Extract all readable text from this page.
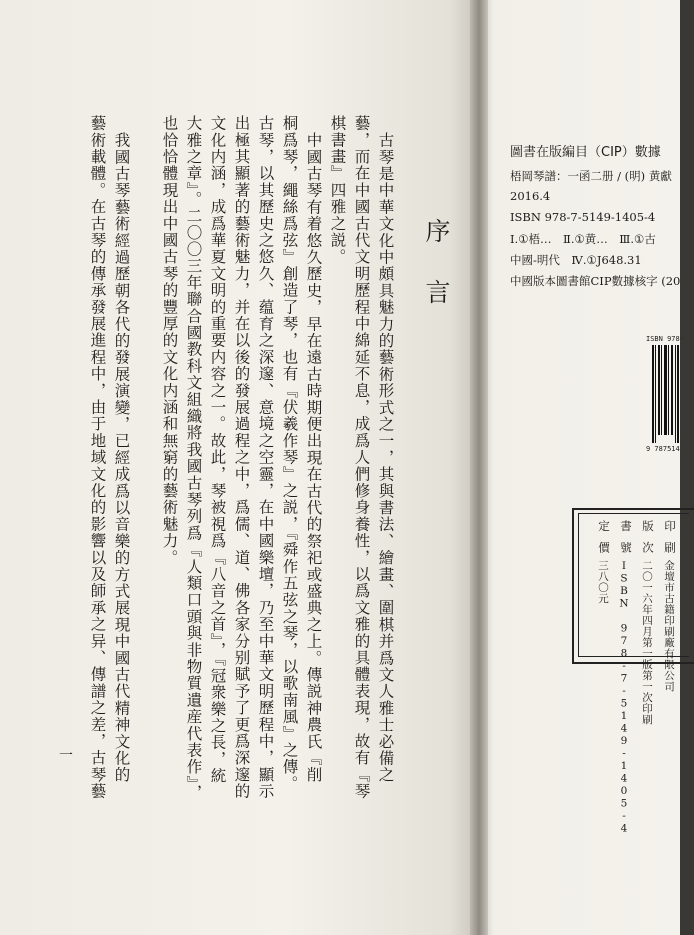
序言
古琴是中華文化中頗具魅力的藝術形式之一，其與書法、繪畫、圍棋并爲文人雅士必備之
藝，而在中國古代文明歷程中綿延不息，成爲人們修身養性，以爲文雅的具體表現，故有『琴
棋書畫』四雅之説。
中國古琴有着悠久歷史，早在遠古時期便出現在古代的祭祀或盛典之上。傳説神農氏『削
桐爲琴，繩絲爲弦』創造了琴，也有『伏羲作琴』之説，『舜作五弦之琴，以歌南風』之傳。
古琴，以其歷史之悠久、蕴育之深邃、意境之空靈，在中國樂壇，乃至中華文明歷程中，顯示
出極其顯著的藝術魅力，并在以後的發展過程之中，爲儒、道、佛各家分别賦予了更爲深邃的
文化内涵，成爲華夏文明的重要内容之一。故此，琴被視爲『八音之首』，『冠衆樂之長，統
大雅之章』。二〇〇三年聯合國教科文組織將我國古琴列爲『人類口頭與非物質遺産代表作』，
也恰恰體現出中國古琴的豐厚的文化内涵和無窮的藝術魅力。
我國古琴藝術經過歷朝各代的發展演變，已經成爲以音樂的方式展現中國古代精神文化的
藝術載體。在古琴的傳承發展進程中，由于地域文化的影響以及師承之异、傳譜之差，古琴藝
一
圖書在版編目（CIP）數據
梧岡琴譜：一函二册 / (明) 黄獻
2016.4
ISBN 978-7-5149-1405-4
Ⅰ.①梧…　Ⅱ.①黄…　Ⅲ.①古
中國-明代　Ⅳ.①J648.31
中國版本圖書館CIP數據核字 (20
ISBN 978-
9 787514
印刷
版次
書號
定價
金壇市古籍印刷廠有限公司
二〇一六年四月第一版第一次印刷
ISBN 978-7-5149-1405-4
三八〇元
